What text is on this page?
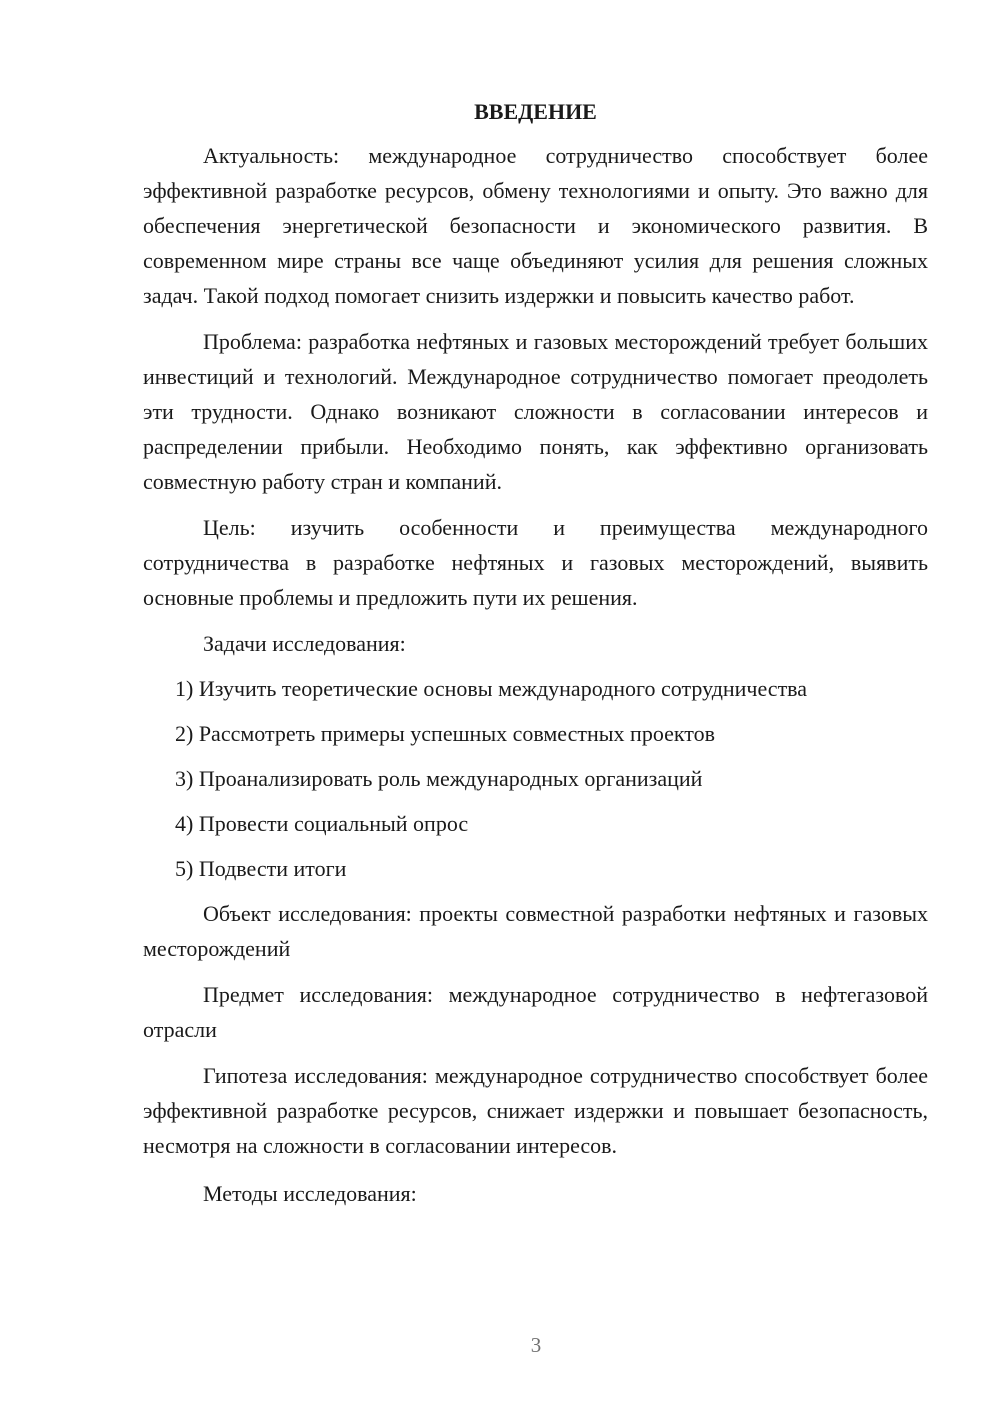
ВВЕДЕНИЕ

Актуальность: международное сотрудничество способствует более эффективной разработке ресурсов, обмену технологиями и опыту. Это важно для обеспечения энергетической безопасности и экономического развития. В современном мире страны все чаще объединяют усилия для решения сложных задач. Такой подход помогает снизить издержки и повысить качество работ.

Проблема: разработка нефтяных и газовых месторождений требует больших инвестиций и технологий. Международное сотрудничество помогает преодолеть эти трудности. Однако возникают сложности в согласовании интересов и распределении прибыли. Необходимо понять, как эффективно организовать совместную работу стран и компаний.

Цель: изучить особенности и преимущества международного сотрудничества в разработке нефтяных и газовых месторождений, выявить основные проблемы и предложить пути их решения.

Задачи исследования:

1) Изучить теоретические основы международного сотрудничества
2) Рассмотреть примеры успешных совместных проектов
3) Проанализировать роль международных организаций
4) Провести социальный опрос
5) Подвести итоги

Объект исследования: проекты совместной разработки нефтяных и газовых месторождений

Предмет исследования: международное сотрудничество в нефтегазовой отрасли

Гипотеза исследования: международное сотрудничество способствует более эффективной разработке ресурсов, снижает издержки и повышает безопасность, несмотря на сложности в согласовании интересов.

Методы исследования:

3
